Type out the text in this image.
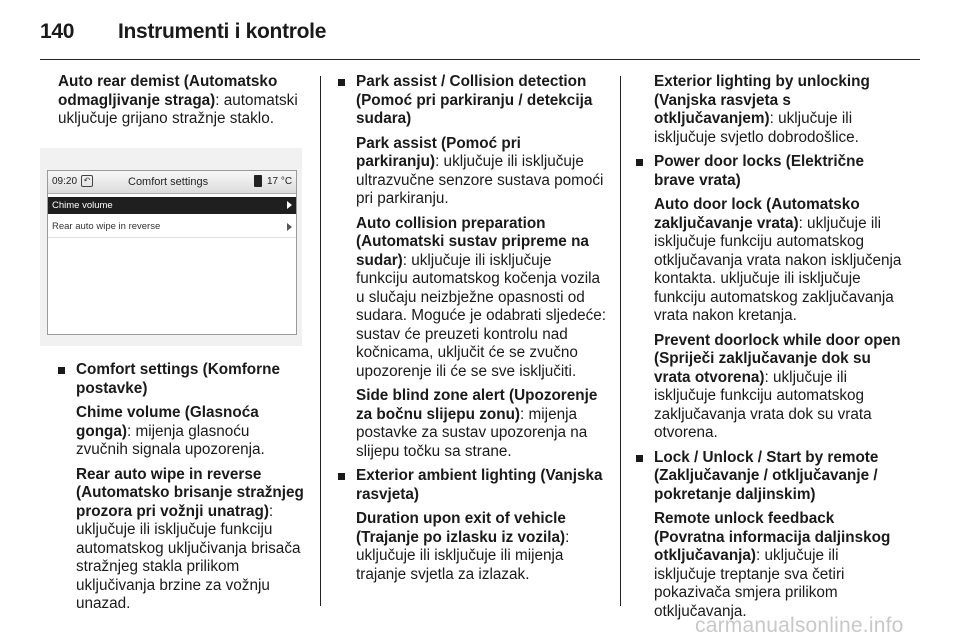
140 Instrumenti i kontrole

Auto rear demist (Automatsko odmagljivanje straga): automatski uključuje grijano stražnje staklo.

09:20 ↶	Comfort settings	17 °C
Chime volume
Rear auto wipe in reverse
Comfort settings (Komforne postavke)

Chime volume (Glasnoća gonga): mijenja glasnoću zvučnih signala upozorenja.

Rear auto wipe in reverse (Automatsko brisanje stražnjeg prozora pri vožnji unatrag): uključuje ili isključuje funkciju automatskog uključivanja brisača stražnjeg stakla prilikom uključivanja brzine za vožnju unazad.

Park assist / Collision detection (Pomoć pri parkiranju / detekcija sudara)

Park assist (Pomoć pri parkiranju): uključuje ili isključuje ultrazvučne senzore sustava pomoći pri parkiranju.

Auto collision preparation (Automatski sustav pripreme na sudar): uključuje ili isključuje funkciju automatskog kočenja vozila u slučaju neizbježne opasnosti od sudara. Moguće je odabrati sljedeće: sustav će preuzeti kontrolu nad kočnicama, uključit će se zvučno upozorenje ili će se sve isključiti.

Side blind zone alert (Upozorenje za bočnu slijepu zonu): mijenja postavke za sustav upozorenja na slijepu točku sa strane.

Exterior ambient lighting (Vanjska rasvjeta)

Duration upon exit of vehicle (Trajanje po izlasku iz vozila): uključuje ili isključuje ili mijenja trajanje svjetla za izlazak.

Exterior lighting by unlocking (Vanjska rasvjeta s otključavanjem): uključuje ili isključuje svjetlo dobrodošlice.

Power door locks (Električne brave vrata)

Auto door lock (Automatsko zaključavanje vrata): uključuje ili isključuje funkciju automatskog otključavanja vrata nakon isključenja kontakta. uključuje ili isključuje funkciju automatskog zaključavanja vrata nakon kretanja.

Prevent doorlock while door open (Spriječi zaključavanje dok su vrata otvorena): uključuje ili isključuje funkciju automatskog zaključavanja vrata dok su vrata otvorena.

Lock / Unlock / Start by remote (Zaključavanje / otključavanje / pokretanje daljinskim)

Remote unlock feedback (Povratna informacija daljinskog otključavanja): uključuje ili isključuje treptanje sva četiri pokazivača smjera prilikom otključavanja.

carmanualsonline.info
